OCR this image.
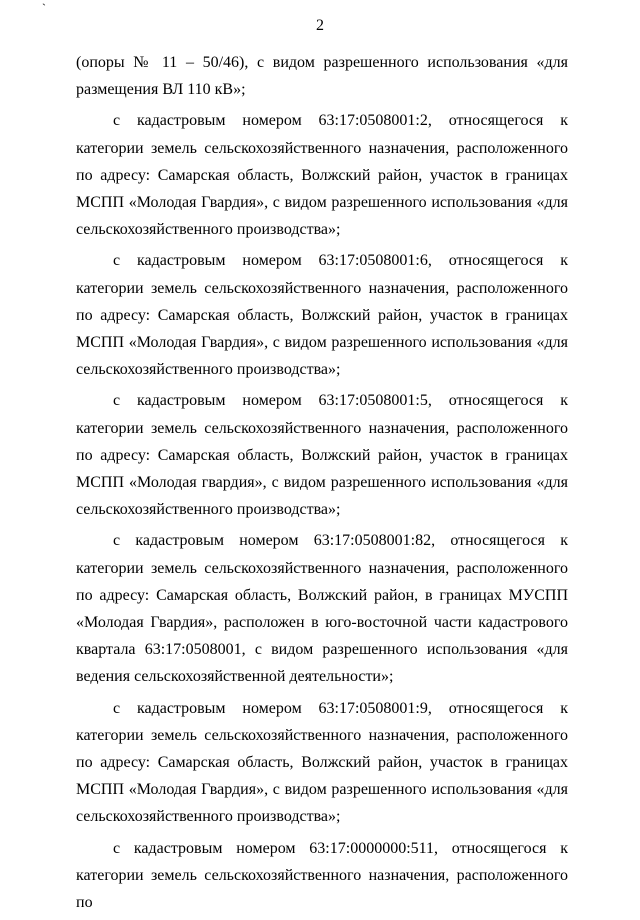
`
2

(опоры № 11 – 50/46), с видом разрешенного использования «для размещения ВЛ 110 кВ»;

с кадастровым номером 63:17:0508001:2, относящегося к категории земель сельскохозяйственного назначения, расположенного по адресу: Самарская область, Волжский район, участок в границах МСПП «Молодая Гвардия», с видом разрешенного использования «для сельскохозяйственного производства»;

с кадастровым номером 63:17:0508001:6, относящегося к категории земель сельскохозяйственного назначения, расположенного по адресу: Самарская область, Волжский район, участок в границах МСПП «Молодая Гвардия», с видом разрешенного использования «для сельскохозяйственного производства»;

с кадастровым номером 63:17:0508001:5, относящегося к категории земель сельскохозяйственного назначения, расположенного по адресу: Самарская область, Волжский район, участок в границах МСПП «Молодая гвардия», с видом разрешенного использования «для сельскохозяйственного производства»;

с кадастровым номером 63:17:0508001:82, относящегося к категории земель сельскохозяйственного назначения, расположенного по адресу: Самарская область, Волжский район, в границах МУСПП «Молодая Гвардия», расположен в юго-восточной части кадастрового квартала 63:17:0508001, с видом разрешенного использования «для ведения сельскохозяйственной деятельности»;

с кадастровым номером 63:17:0508001:9, относящегося к категории земель сельскохозяйственного назначения, расположенного по адресу: Самарская область, Волжский район, участок в границах МСПП «Молодая Гвардия», с видом разрешенного использования «для сельскохозяйственного производства»;

с кадастровым номером 63:17:0000000:511, относящегося к категории земель сельскохозяйственного назначения, расположенного по
